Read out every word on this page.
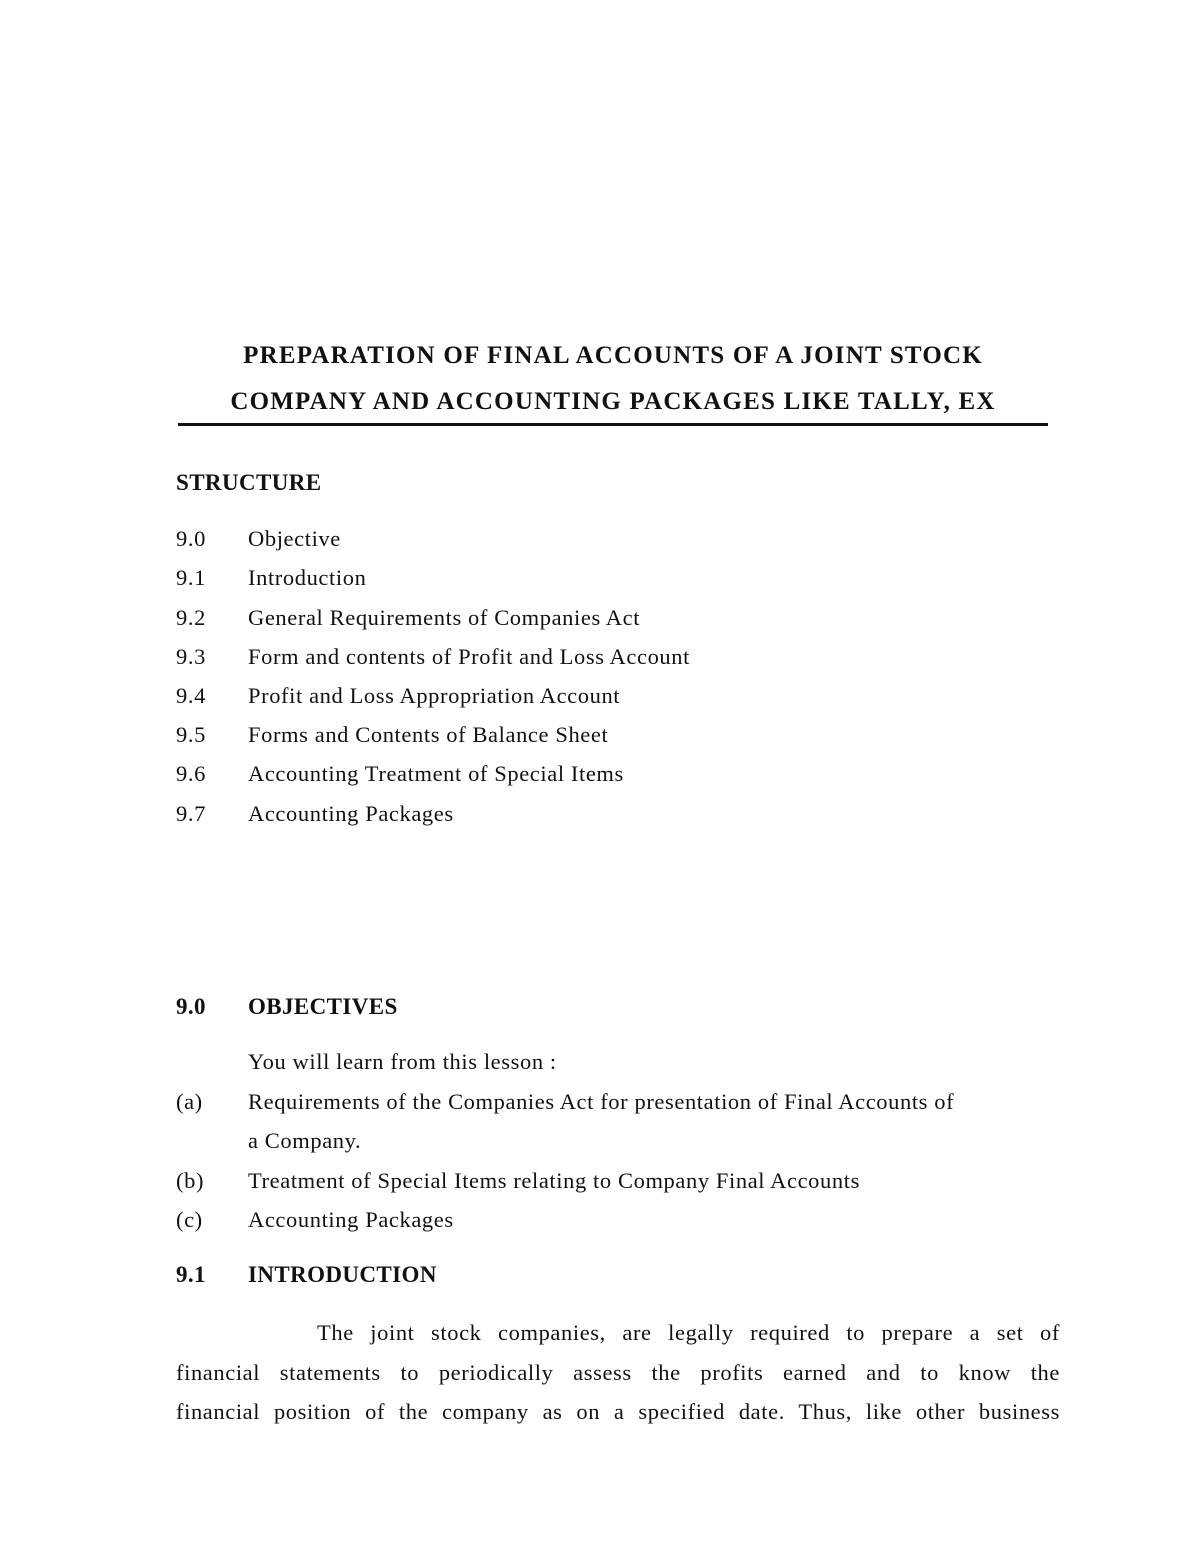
PREPARATION OF FINAL ACCOUNTS OF A JOINT STOCK
COMPANY AND ACCOUNTING PACKAGES LIKE TALLY, EX
STRUCTURE
9.0 Objective
9.1 Introduction
9.2 General Requirements of Companies Act
9.3 Form and contents of Profit and Loss Account
9.4 Profit and Loss Appropriation Account
9.5 Forms and Contents of Balance Sheet
9.6 Accounting Treatment of Special Items
9.7 Accounting Packages
9.0 OBJECTIVES
You will learn from this lesson :
(a) Requirements of the Companies Act for presentation of Final Accounts of
a Company.
(b) Treatment of Special Items relating to Company Final Accounts
(c) Accounting Packages
9.1 INTRODUCTION

The joint stock companies, are legally required to prepare a set of
financial statements to periodically assess the profits earned and to know the
financial position of the company as on a specified date. Thus, like other business
